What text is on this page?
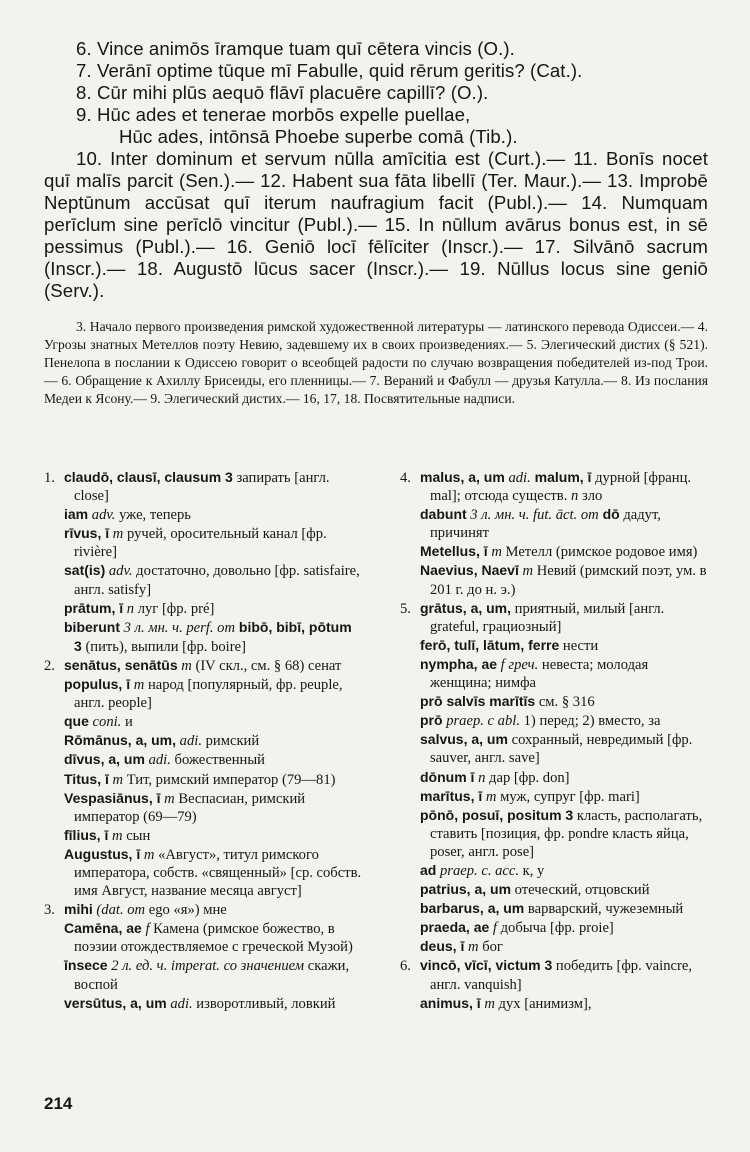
6. Vince animōs īramque tuam quī cētera vincis (O.).
7. Verānī optime tūque mī Fabulle, quid rērum geritis? (Cat.).
8. Cūr mihi plūs aequō flāvī placuēre capillī? (O.).
9. Hūc ades et tenerae morbōs expelle puellae,
Hūc ades, intōnsā Phoebe superbe comā (Tib.).
10. Inter dominum et servum nūlla amīcitia est (Curt.).— 11. Bonīs nocet quī malīs parcit (Sen.).— 12. Habent sua fāta libellī (Ter. Maur.).— 13. Improbē Neptūnum accūsat quī iterum naufragium facit (Publ.).— 14. Numquam perīclum sine perīclō vincitur (Publ.).— 15. In nūllum avārus bonus est, in sē pessimus (Publ.).— 16. Geniō locī fēlīciter (Inscr.).— 17. Silvānō sacrum (Inscr.).— 18. Augustō lūcus sacer (Inscr.).— 19. Nūllus locus sine geniō (Serv.).
3. Начало первого произведения римской художественной литературы — латинского перевода Одиссеи.— 4. Угрозы знатных Метеллов поэту Невию, задевшему их в своих произведениях.— 5. Элегический дистих (§ 521). Пенелопа в послании к Одиссею говорит о всеобщей радости по случаю возвращения победителей из-под Трои.— 6. Обращение к Ахиллу Брисеиды, его пленницы.— 7. Вераний и Фабулл — друзья Катулла.— 8. Из послания Медеи к Ясону.— 9. Элегический дистих.— 16, 17, 18. Посвятительные надписи.
1. claudō, clausī, clausum 3 запирать [англ. close]
iam adv. уже, теперь
rīvus, ī m ручей, оросительный канал [фр. rivière]
sat(is) adv. достаточно, довольно [фр. satisfaire, англ. satisfy]
prātum, ī n луг [фр. pré]
biberunt 3 л. мн. ч. perf. от bibō, bibī, pōtum 3 (пить), выпили [фр. boire]
2. senātus, senātūs m (IV скл., см. § 68) сенат
populus, ī m народ [популярный, фр. peuple, англ. people]
que coni. и
Rōmānus, a, um, adi. римский
dīvus, a, um adi. божественный
Titus, ī m Тит, римский император (79—81)
Vespasiānus, ī m Веспасиан, римский император (69—79)
fīlius, ī m сын
Augustus, ī m «Август», титул римского императора, собств. «священный» [ср. собств. имя Август, название месяца август]
3. mihi (dat. от ego «я») мне
Camēna, ae f Камена (римское божество, в поэзии отождествляемое с греческой Музой)
īnsece 2 л. ед. ч. imperat. со значением скажи, воспой
versūtus, a, um adi. изворотливый, ловкий
4. malus, a, um adi. malum, ī дурной [франц. mal]; отсюда существ. n зло
dabunt 3 л. мн. ч. fut. āct. от dō дадут, причинят
Metellus, ī m Метелл (римское родовое имя)
Naevius, Naevī m Невий (римский поэт, ум. в 201 г. до н. э.)
5. grātus, a, um, приятный, милый [англ. grateful, грациозный]
ferō, tulī, lātum, ferre нести
nympha, ae f греч. невеста; молодая женщина; нимфа
prō salvīs marītīs см. § 316
prō praep. c abl. 1) перед; 2) вместо, за
salvus, a, um сохранный, невредимый [фр. sauver, англ. save]
dōnum ī n дар [фр. don]
marītus, ī m муж, супруг [фр. mari]
pōnō, posuī, positum 3 класть, располагать, ставить [позиция, фр. pondre класть яйца, poser, англ. pose]
ad praep. c. acc. к, у
patrius, a, um отеческий, отцовский
barbarus, a, um варварский, чужеземный
praeda, ae f добыча [фр. proie]
deus, ī m бог
6. vincō, vīcī, victum 3 победить [фр. vaincre, англ. vanquish]
animus, ī m дух [анимизм],
214
